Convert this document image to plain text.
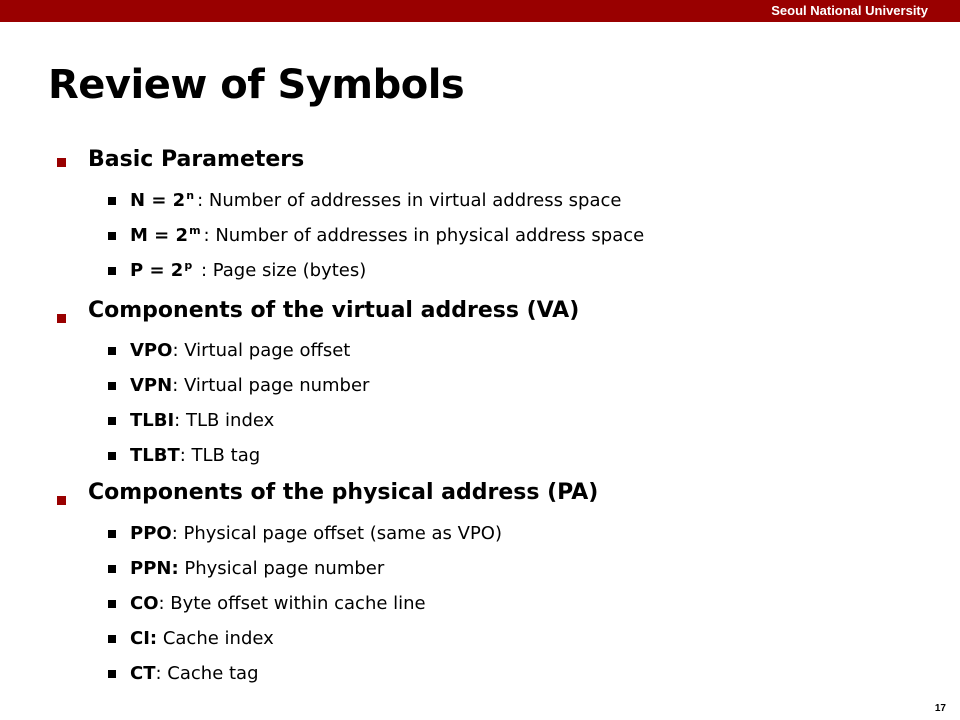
Seoul National University
Review of Symbols
Basic Parameters
$N = 2^n$ : Number of addresses in virtual address space
$M = 2^m$ : Number of addresses in physical address space
$P = 2^p$ : Page size (bytes)
Components of the virtual address (VA)
VPO: Virtual page offset
VPN: Virtual page number
TLBI: TLB index
TLBT: TLB tag
Components of the physical address (PA)
PPO: Physical page offset (same as VPO)
PPN: Physical page number
CO: Byte offset within cache line
CI: Cache index
CT: Cache tag
17
